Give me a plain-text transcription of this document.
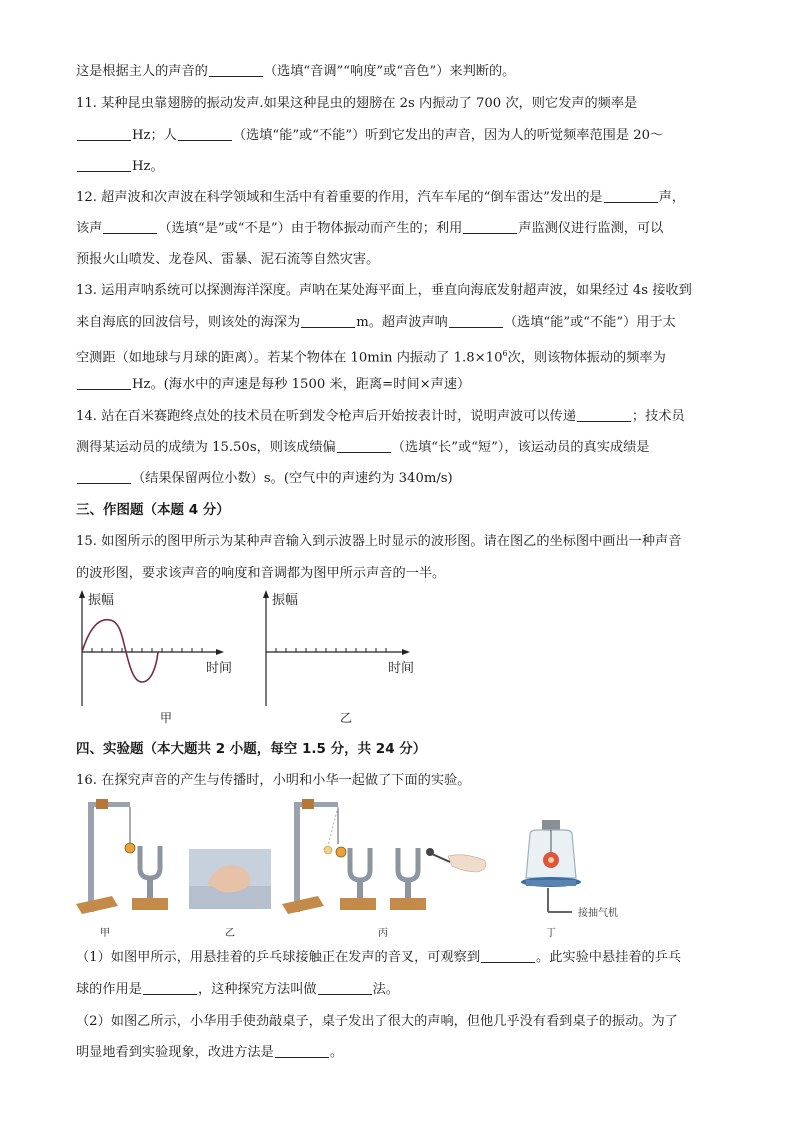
这是根据主人的声音的	（选填“音调”“响度”或“音色”）来判断的。
11. 某种昆虫靠翅膀的振动发声.如果这种昆虫的翅膀在 2s 内振动了 700 次，则它发声的频率是
Hz；人	（选填“能”或“不能”）听到它发出的声音，因为人的听觉频率范围是 20～
Hz。
12. 超声波和次声波在科学领域和生活中有着重要的作用，汽车车尾的“倒车雷达”发出的是	声，
该声	（选填“是”或“不是”）由于物体振动而产生的；利用	声监测仪进行监测，可以
预报火山喷发、龙卷风、雷暴、泥石流等自然灾害。
13. 运用声呐系统可以探测海洋深度。声呐在某处海平面上，垂直向海底发射超声波，如果经过 4s 接收到
来自海底的回波信号，则该处的海深为	m。超声波声呐	（选填“能”或“不能”）用于太
空测距（如地球与月球的距离）。若某个物体在 10min 内振动了 $1.8\times 10^6$次，则该物体振动的频率为
Hz。(海水中的声速是每秒 1500 米，距离=时间×声速）
14. 站在百米赛跑终点处的技术员在听到发令枪声后开始按表计时，说明声波可以传递	；技术员
测得某运动员的成绩为 15.50s，则该成绩偏	（选填“长”或“短”），该运动员的真实成绩是
（结果保留两位小数）s。(空气中的声速约为 340m/s)
三、作图题（本题 4 分）
15. 如图所示的图甲所示为某种声音输入到示波器上时显示的波形图。请在图乙的坐标图中画出一种声音
的波形图，要求该声音的响度和音调都为图甲所示声音的一半。
振幅
时间
甲
振幅
时间
乙
四、实验题（本大题共 2 小题，每空 1.5 分，共 24 分）
16. 在探究声音的产生与传播时，小明和小华一起做了下面的实验。
接抽气机
甲	乙	丙	丁
（1）如图甲所示，用悬挂着的乒乓球接触正在发声的音叉，可观察到	。此实验中悬挂着的乒乓
球的作用是	，这种探究方法叫做	法。
（2）如图乙所示，小华用手使劲敲桌子，桌子发出了很大的声响，但他几乎没有看到桌子的振动。为了
明显地看到实验现象，改进方法是	。
